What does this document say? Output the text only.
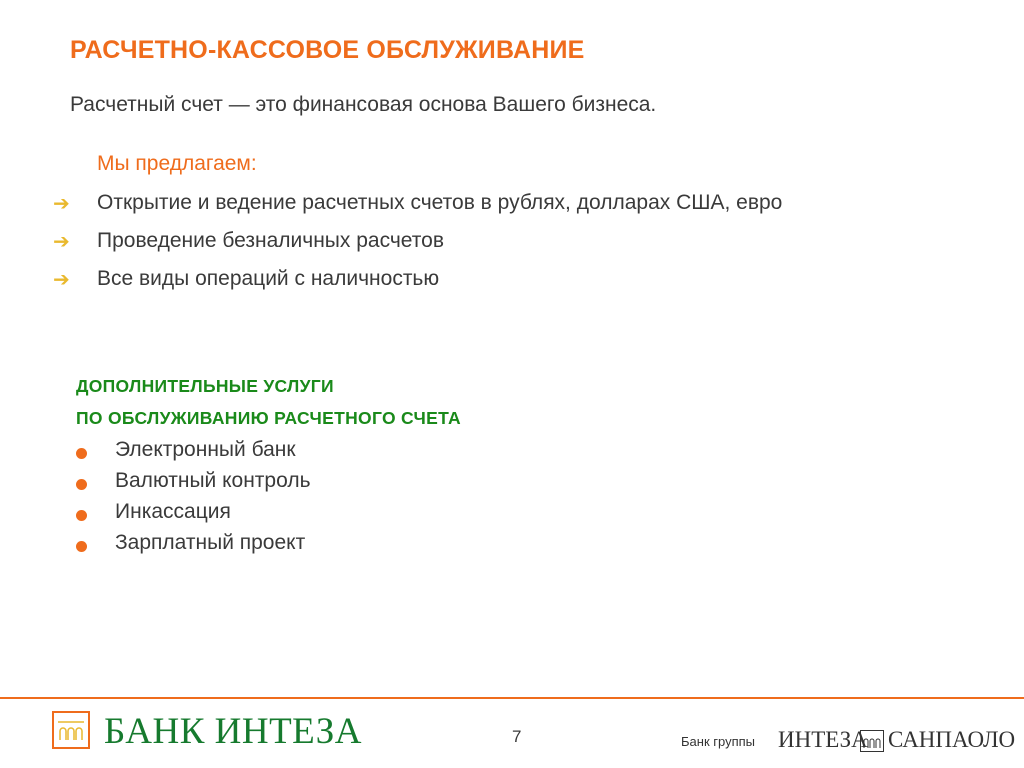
РАСЧЕТНО-КАССОВОЕ ОБСЛУЖИВАНИЕ

Расчетный счет — это финансовая основа Вашего бизнеса.

Мы предлагаем:

➔ Открытие и ведение расчетных счетов в рублях, долларах США, евро
➔ Проведение безналичных расчетов
➔ Все виды операций с наличностью

ДОПОЛНИТЕЛЬНЫЕ УСЛУГИ

ПО ОБСЛУЖИВАНИЮ РАСЧЕТНОГО СЧЕТА

Электронный банк
Валютный контроль
Инкассация
Зарплатный проект

БАНК ИНТЕЗА	7	Банк группы ИНТЕЗА САНПАОЛО
